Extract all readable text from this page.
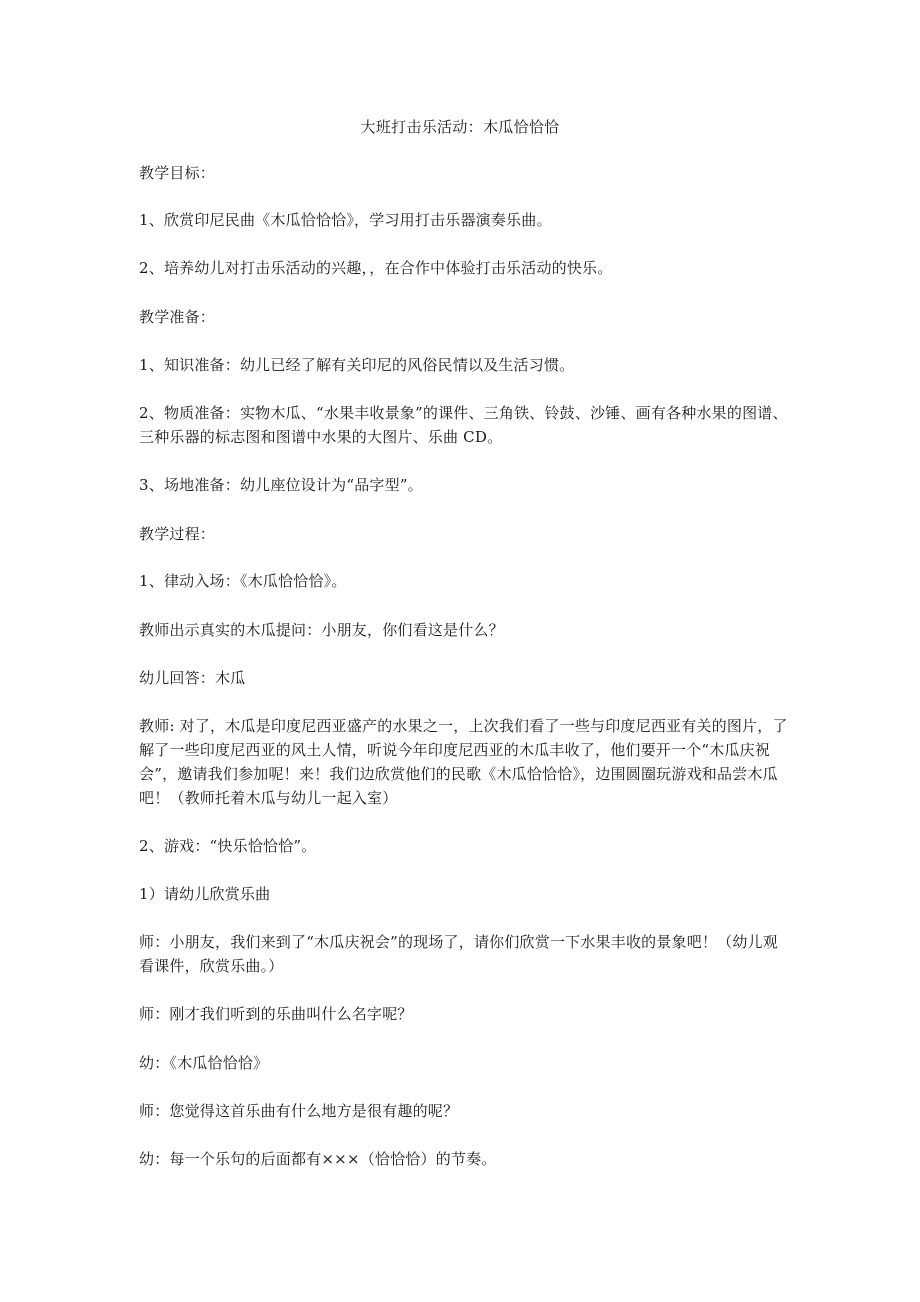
大班打击乐活动：木瓜恰恰恰
教学目标：
1、欣赏印尼民曲《木瓜恰恰恰》，学习用打击乐器演奏乐曲。
2、培养幼儿对打击乐活动的兴趣，，在合作中体验打击乐活动的快乐。
教学准备：
1、知识准备：幼儿已经了解有关印尼的风俗民情以及生活习惯。
2、物质准备：实物木瓜、“水果丰收景象”的课件、三角铁、铃鼓、沙锤、画有各种水果的图谱、三种乐器的标志图和图谱中水果的大图片、乐曲 CD。
3、场地准备：幼儿座位设计为“品字型”。
教学过程：
1、律动入场：《木瓜恰恰恰》。
教师出示真实的木瓜提问：小朋友，你们看这是什么？
幼儿回答：木瓜
教师: 对了，木瓜是印度尼西亚盛产的水果之一，上次我们看了一些与印度尼西亚有关的图片，了解了一些印度尼西亚的风土人情，听说今年印度尼西亚的木瓜丰收了，他们要开一个“木瓜庆祝会”，邀请我们参加呢！来！我们边欣赏他们的民歌《木瓜恰恰恰》，边围圆圈玩游戏和品尝木瓜吧！（教师托着木瓜与幼儿一起入室）
2、游戏：“快乐恰恰恰”。
1）请幼儿欣赏乐曲
师：小朋友，我们来到了“木瓜庆祝会”的现场了，请你们欣赏一下水果丰收的景象吧！（幼儿观看课件，欣赏乐曲。）
师：刚才我们听到的乐曲叫什么名字呢？
幼：《木瓜恰恰恰》
师：您觉得这首乐曲有什么地方是很有趣的呢？
幼：每一个乐句的后面都有×××（恰恰恰）的节奏。
